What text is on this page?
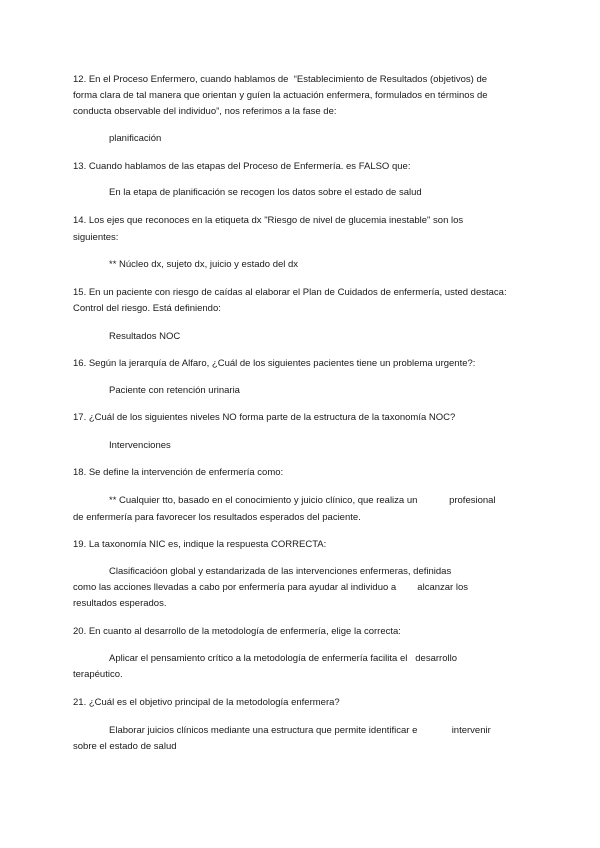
12. En el Proceso Enfermero, cuando hablamos de  “Establecimiento de Resultados (objetivos) de
forma clara de tal manera que orientan y guíen la actuación enfermera, formulados en términos de
conducta observable del individuo”, nos referimos a la fase de:
planificación
13. Cuando hablamos de las etapas del Proceso de Enfermería. es FALSO que:
En la etapa de planificación se recogen los datos sobre el estado de salud
14. Los ejes que reconoces en la etiqueta dx "Riesgo de nivel de glucemia inestable" son los
siguientes:
** Núcleo dx, sujeto dx, juicio y estado del dx
15. En un paciente con riesgo de caídas al elaborar el Plan de Cuidados de enfermería, usted destaca:
Control del riesgo. Está definiendo:
Resultados NOC
16. Según la jerarquía de Alfaro, ¿Cuál de los siguientes pacientes tiene un problema urgente?:
Paciente con retención urinaria
17. ¿Cuál de los siguientes niveles NO forma parte de la estructura de la taxonomía NOC?
Intervenciones
18. Se define la intervención de enfermería como:
** Cualquier tto, basado en el conocimiento y juicio clínico, que realiza un            profesional
de enfermería para favorecer los resultados esperados del paciente.
19. La taxonomía NIC es, indique la respuesta CORRECTA:
Clasificacióon global y estandarizada de las intervenciones enfermeras, definidas
como las acciones llevadas a cabo por enfermería para ayudar al individuo a        alcanzar los
resultados esperados.
20. En cuanto al desarrollo de la metodología de enfermería, elige la correcta:
Aplicar el pensamiento crítico a la metodología de enfermería facilita el   desarrollo
terapéutico.
21. ¿Cuál es el objetivo principal de la metodología enfermera?
Elaborar juicios clínicos mediante una estructura que permite identificar e             intervenir
sobre el estado de salud
